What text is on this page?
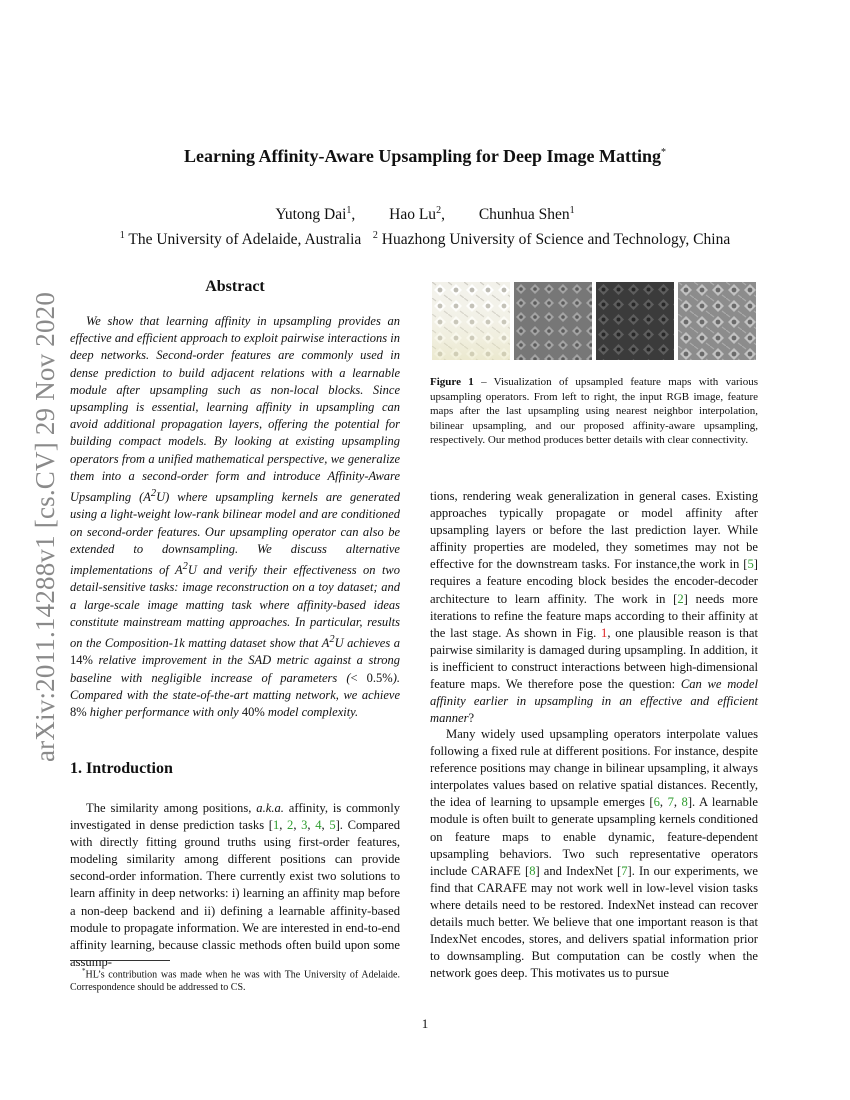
Learning Affinity-Aware Upsampling for Deep Image Matting*
Yutong Dai$^1$, Hao Lu$^2$, Chunhua Shen$^1$
$^1$ The University of Adelaide, Australia $^2$ Huazhong University of Science and Technology, China
arXiv:2011.14288v1 [cs.CV] 29 Nov 2020
Abstract

We show that learning affinity in upsampling provides an effective and efficient approach to exploit pairwise interactions in deep networks. Second-order features are commonly used in dense prediction to build adjacent relations with a learnable module after upsampling such as non-local blocks. Since upsampling is essential, learning affinity in upsampling can avoid additional propagation layers, offering the potential for building compact models. By looking at existing upsampling operators from a unified mathematical perspective, we generalize them into a second-order form and introduce Affinity-Aware Upsampling $(A^2U)$ where upsampling kernels are generated using a light-weight low-rank bilinear model and are conditioned on second-order features. Our upsampling operator can also be extended to downsampling. We discuss alternative implementations of $A^2U$ and verify their effectiveness on two detail-sensitive tasks: image reconstruction on a toy dataset; and a large-scale image matting task where affinity-based ideas constitute mainstream matting approaches. In particular, results on the Composition-1k matting dataset show that $A^2U$ achieves a 14% relative improvement in the SAD metric against a strong baseline with negligible increase of parameters (< 0.5%). Compared with the state-of-the-art matting network, we achieve 8% higher performance with only 40% model complexity.

1. Introduction

The similarity among positions, a.k.a. affinity, is commonly investigated in dense prediction tasks [1, 2, 3, 4, 5]. Compared with directly fitting ground truths using first-order features, modeling similarity among different positions can provide second-order information. There currently exist two solutions to learn affinity in deep networks: i) learning an affinity map before a non-deep backend and ii) defining a learnable affinity-based module to propagate information. We are interested in end-to-end affinity learning, because classic methods often build upon some assump-

*HL’s contribution was made when he was with The University of Adelaide. Correspondence should be addressed to CS.

Figure 1 – Visualization of upsampled feature maps with various upsampling operators. From left to right, the input RGB image, feature maps after the last upsampling using nearest neighbor interpolation, bilinear upsampling, and our proposed affinity-aware upsampling, respectively. Our method produces better details with clear connectivity.

tions, rendering weak generalization in general cases. Existing approaches typically propagate or model affinity after upsampling layers or before the last prediction layer. While affinity properties are modeled, they sometimes may not be effective for the downstream tasks. For instance,the work in [5] requires a feature encoding block besides the encoder-decoder architecture to learn affinity. The work in [2] needs more iterations to refine the feature maps according to their affinity at the last stage. As shown in Fig. 1, one plausible reason is that pairwise similarity is damaged during upsampling. In addition, it is inefficient to construct interactions between high-dimensional feature maps. We therefore pose the question: Can we model affinity earlier in upsampling in an effective and efficient manner?

Many widely used upsampling operators interpolate values following a fixed rule at different positions. For instance, despite reference positions may change in bilinear upsampling, it always interpolates values based on relative spatial distances. Recently, the idea of learning to upsample emerges [6, 7, 8]. A learnable module is often built to generate upsampling kernels conditioned on feature maps to enable dynamic, feature-dependent upsampling behaviors. Two such representative operators include CARAFE [8] and IndexNet [7]. In our experiments, we find that CARAFE may not work well in low-level vision tasks where details need to be restored. IndexNet instead can recover details much better. We believe that one important reason is that IndexNet encodes, stores, and delivers spatial information prior to downsampling. But computation can be costly when the network goes deep. This motivates us to pursue

1
